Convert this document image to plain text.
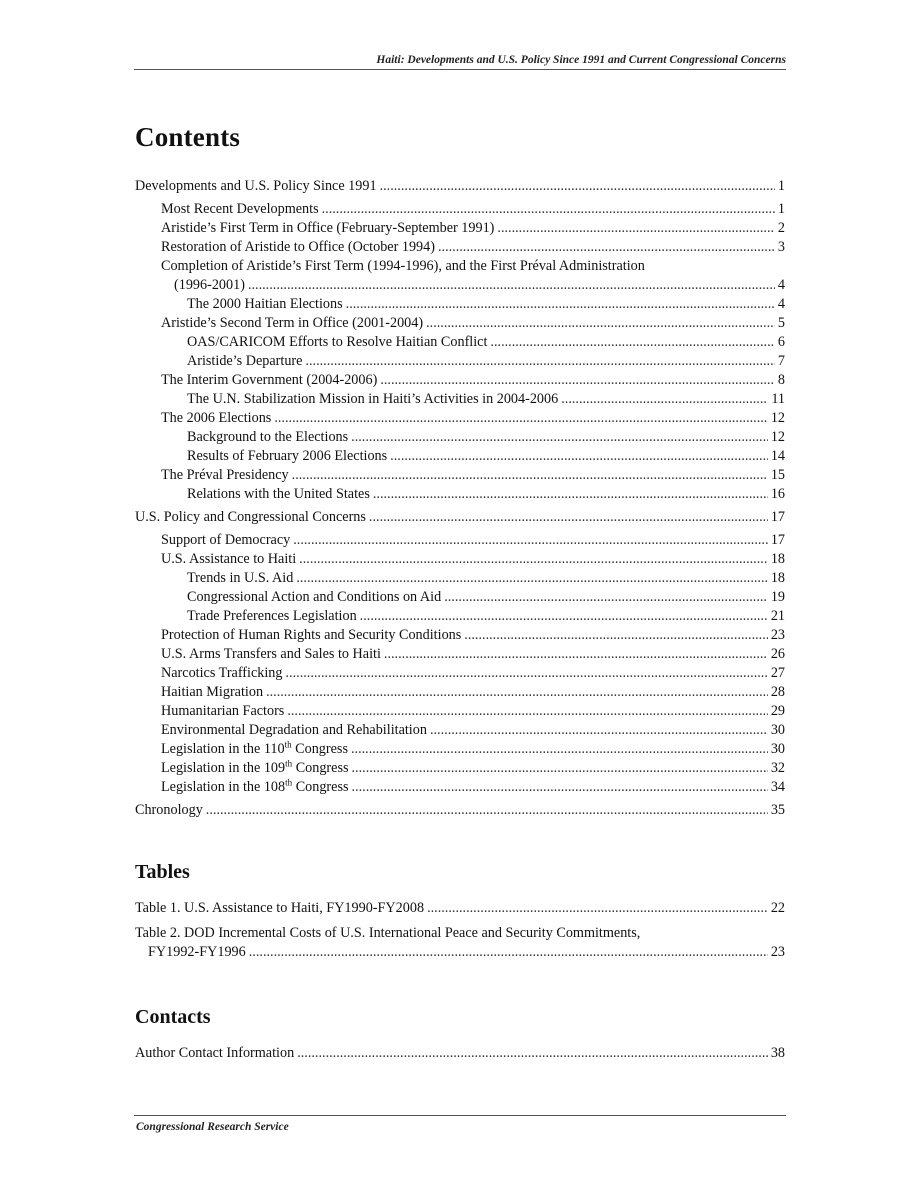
Haiti: Developments and U.S. Policy Since 1991 and Current Congressional Concerns
Contents
Developments and U.S. Policy Since 1991 .....	1
Most Recent Developments .....	1
Aristide’s First Term in Office (February-September 1991) .....	2
Restoration of Aristide to Office (October 1994) .....	3
Completion of Aristide’s First Term (1994-1996), and the First Préval Administration
(1996-2001) .....	4
The 2000 Haitian Elections .....	4
Aristide’s Second Term in Office (2001-2004) .....	5
OAS/CARICOM Efforts to Resolve Haitian Conflict .....	6
Aristide’s Departure .....	7
The Interim Government (2004-2006) .....	8
The U.N. Stabilization Mission in Haiti’s Activities in 2004-2006 .....	11
The 2006 Elections .....	12
Background to the Elections .....	12
Results of February 2006 Elections .....	14
The Préval Presidency .....	15
Relations with the United States .....	16
U.S. Policy and Congressional Concerns .....	17
Support of Democracy .....	17
U.S. Assistance to Haiti .....	18
Trends in U.S. Aid .....	18
Congressional Action and Conditions on Aid .....	19
Trade Preferences Legislation .....	21
Protection of Human Rights and Security Conditions .....	23
U.S. Arms Transfers and Sales to Haiti .....	26
Narcotics Trafficking .....	27
Haitian Migration .....	28
Humanitarian Factors .....	29
Environmental Degradation and Rehabilitation .....	30
Legislation in the 110th Congress .....	30
Legislation in the 109th Congress .....	32
Legislation in the 108th Congress .....	34
Chronology .....	35
Tables
Table 1. U.S. Assistance to Haiti, FY1990-FY2008 .....	22
Table 2. DOD Incremental Costs of U.S. International Peace and Security Commitments,
FY1992-FY1996 .....	23
Contacts
Author Contact Information .....	38
Congressional Research Service
